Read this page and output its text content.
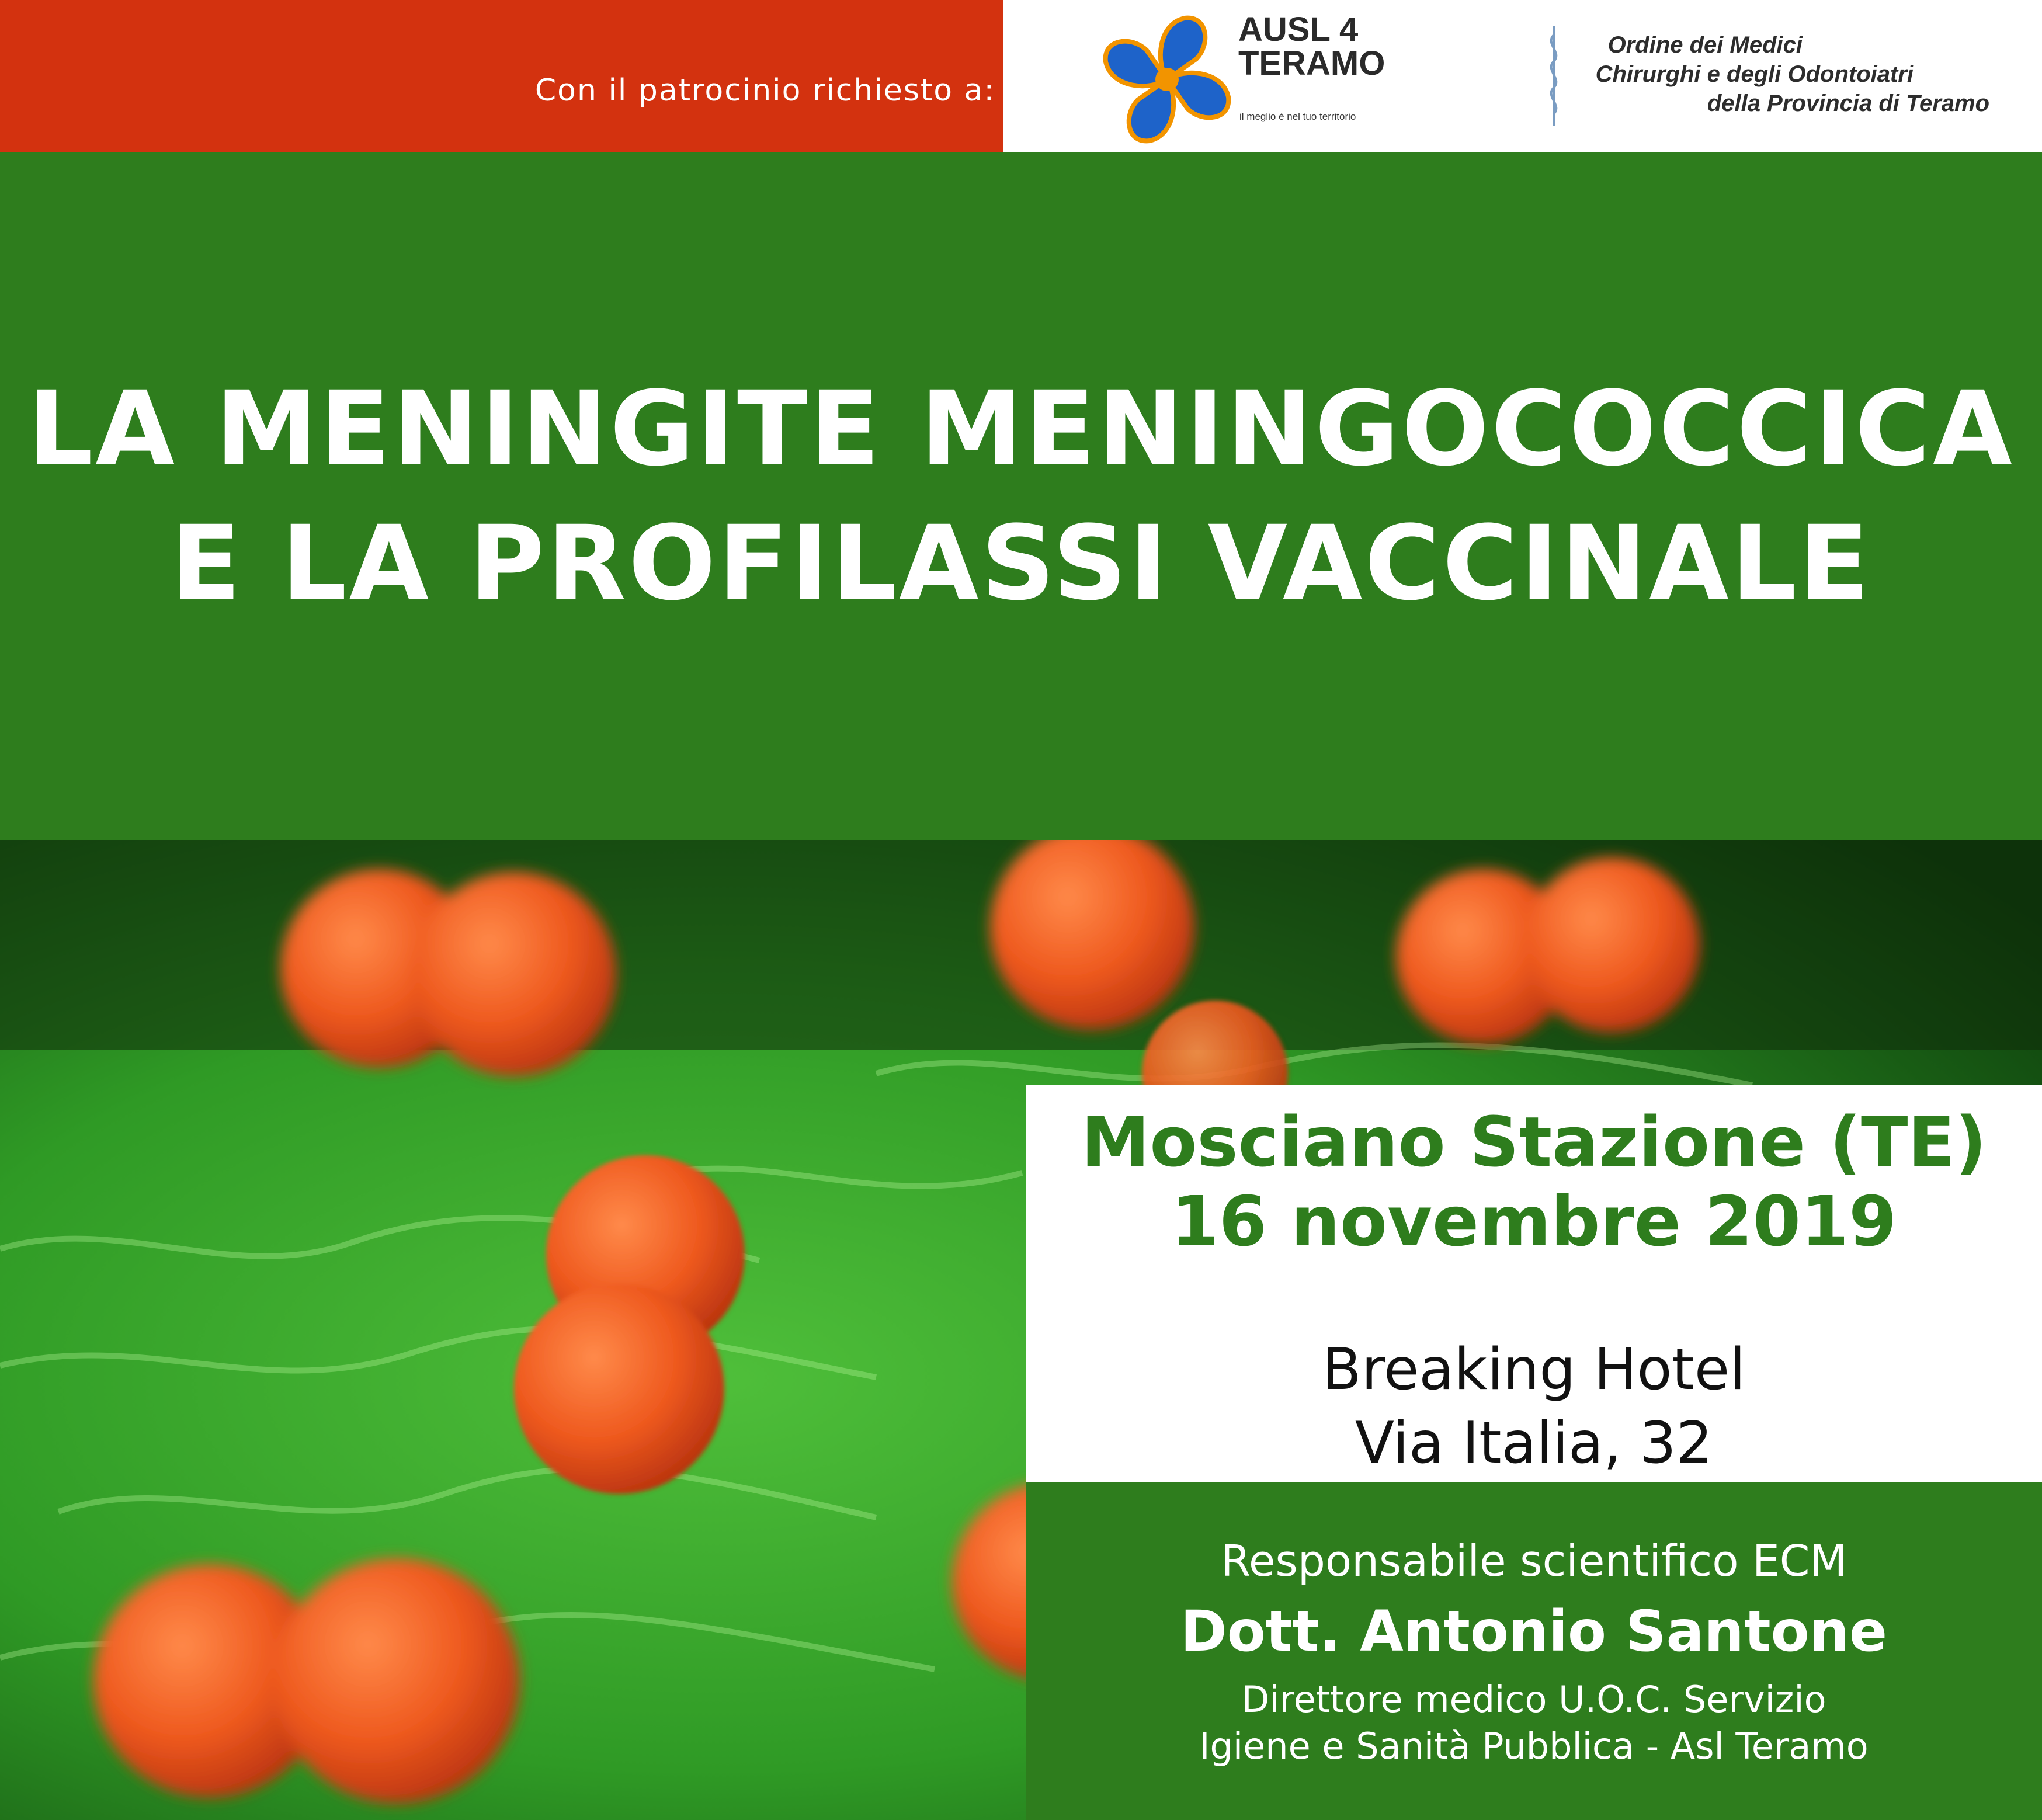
Con il patrocinio richiesto a:
AUSL 4
TERAMO
il meglio è nel tuo territorio
Ordine dei Medici
Chirurghi e degli Odontoiatri
della Provincia di Teramo
LA MENINGITE MENINGOCOCCICA
E LA PROFILASSI VACCINALE
Mosciano Stazione (TE)
16 novembre 2019
Breaking Hotel
Via Italia, 32
Responsabile scientifico ECM
Dott. Antonio Santone
Direttore medico U.O.C. Servizio
Igiene e Sanità Pubblica - Asl Teramo
